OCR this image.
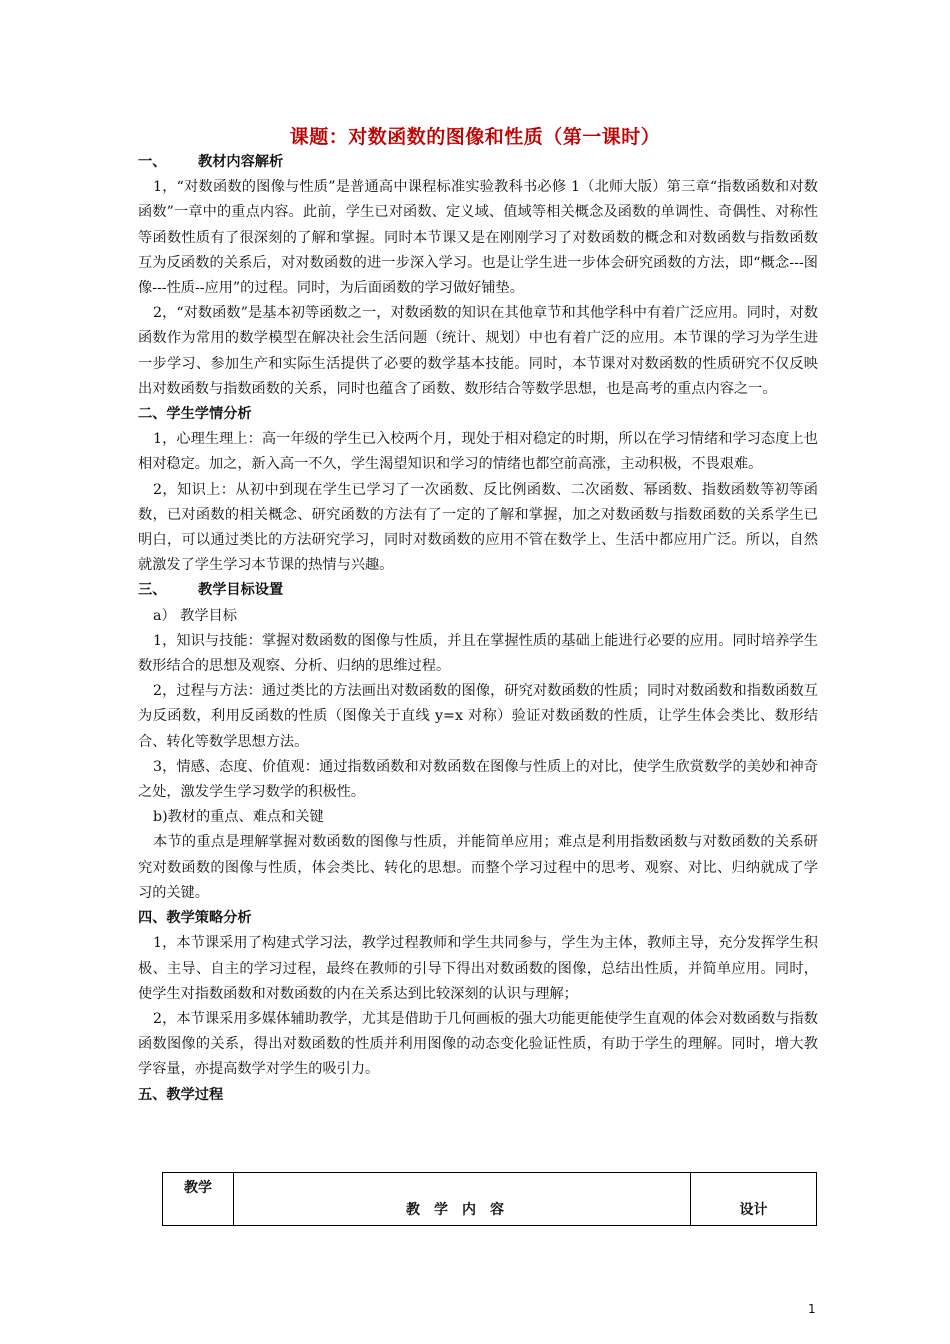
课题：对数函数的图像和性质（第一课时）
一、 教材内容解析

1，“对数函数的图像与性质”是普通高中课程标准实验教科书必修 1（北师大版）第三章“指数函数和对数函数”一章中的重点内容。此前，学生已对函数、定义域、值域等相关概念及函数的单调性、奇偶性、对称性等函数性质有了很深刻的了解和掌握。同时本节课又是在刚刚学习了对数函数的概念和对数函数与指数函数互为反函数的关系后，对对数函数的进一步深入学习。也是让学生进一步体会研究函数的方法，即“概念---图像---性质--应用”的过程。同时，为后面函数的学习做好铺垫。

2，“对数函数”是基本初等函数之一，对数函数的知识在其他章节和其他学科中有着广泛应用。同时，对数函数作为常用的数学模型在解决社会生活问题（统计、规划）中也有着广泛的应用。本节课的学习为学生进一步学习、参加生产和实际生活提供了必要的数学基本技能。同时，本节课对对数函数的性质研究不仅反映出对数函数与指数函数的关系，同时也蕴含了函数、数形结合等数学思想，也是高考的重点内容之一。

二、学生学情分析

1，心理生理上：高一年级的学生已入校两个月，现处于相对稳定的时期，所以在学习情绪和学习态度上也相对稳定。加之，新入高一不久，学生渴望知识和学习的情绪也都空前高涨，主动积极，不畏艰难。

2，知识上：从初中到现在学生已学习了一次函数、反比例函数、二次函数、幂函数、指数函数等初等函数，已对函数的相关概念、研究函数的方法有了一定的了解和掌握，加之对数函数与指数函数的关系学生已明白，可以通过类比的方法研究学习，同时对数函数的应用不管在数学上、生活中都应用广泛。所以，自然就激发了学生学习本节课的热情与兴趣。

三、 教学目标设置

a） 教学目标

1，知识与技能：掌握对数函数的图像与性质，并且在掌握性质的基础上能进行必要的应用。同时培养学生数形结合的思想及观察、分析、归纳的思维过程。

2，过程与方法：通过类比的方法画出对数函数的图像，研究对数函数的性质；同时对数函数和指数函数互为反函数，利用反函数的性质（图像关于直线 y=x 对称）验证对数函数的性质，让学生体会类比、数形结合、转化等数学思想方法。

3，情感、态度、价值观：通过指数函数和对数函数在图像与性质上的对比，使学生欣赏数学的美妙和神奇之处，激发学生学习数学的积极性。

b)教材的重点、难点和关键

本节的重点是理解掌握对数函数的图像与性质，并能简单应用；难点是利用指数函数与对数函数的关系研究对数函数的图像与性质，体会类比、转化的思想。而整个学习过程中的思考、观察、对比、归纳就成了学习的关键。

四、教学策略分析

1，本节课采用了构建式学习法，教学过程教师和学生共同参与，学生为主体，教师主导，充分发挥学生积极、主导、自主的学习过程，最终在教师的引导下得出对数函数的图像，总结出性质，并简单应用。同时，使学生对指数函数和对数函数的内在关系达到比较深刻的认识与理解；

2，本节课采用多媒体辅助教学，尤其是借助于几何画板的强大功能更能使学生直观的体会对数函数与指数函数图像的关系，得出对数函数的性质并利用图像的动态变化验证性质，有助于学生的理解。同时，增大教学容量，亦提高数学对学生的吸引力。

五、教学过程
教学	教学内容	设计
1
